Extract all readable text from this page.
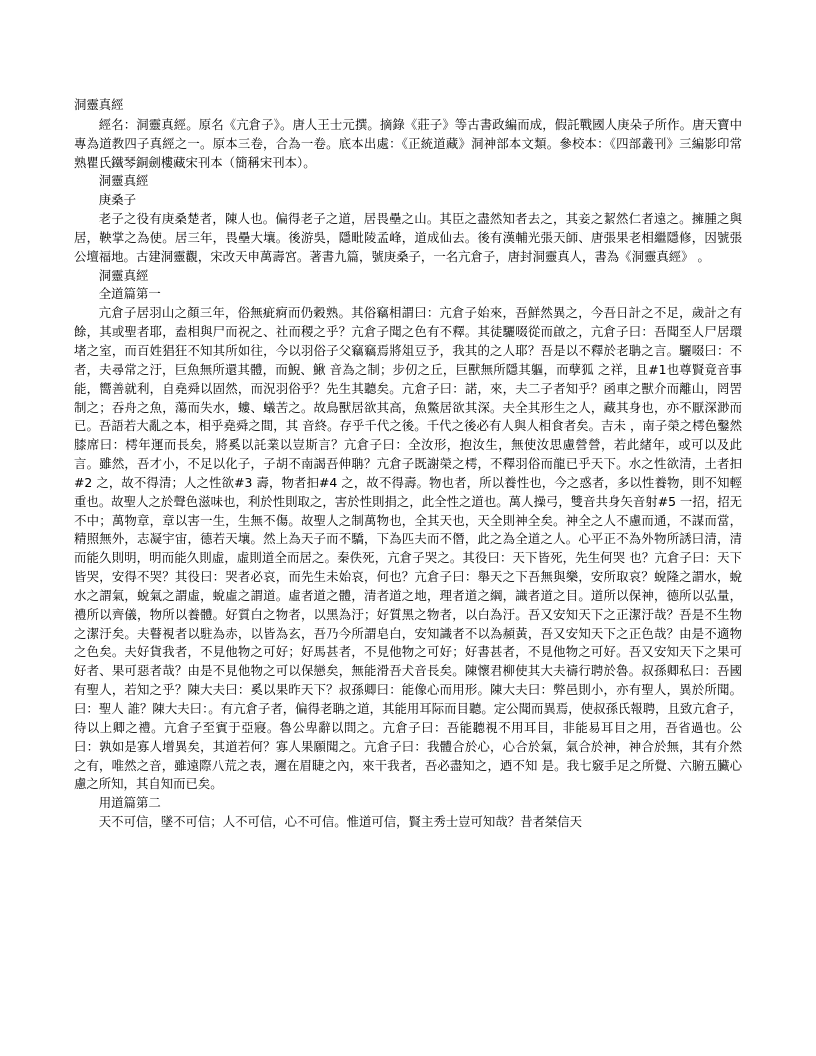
洞靈真經

經名：洞靈真經。原名《亢倉子》。唐人王士元撰。摘錄《莊子》等古書政編而成，假託戰國人庚朵子所作。唐天寶中專為道教四子真經之一。原本三卷，合為一卷。底本出處：《正統道藏》洞神部本文類。參校本：《四部叢刊》三編影印常熟瞿氏鐵琴銅劍樓藏宋刊本（簡稱宋刊本）。

洞靈真經

庚桑子

老子之役有庚桑楚者，陳人也。偏得老子之道，居畏壘之山。其臣之盡然知者去之，其妾之絜然仁者遠之。擁腫之與居，鞅掌之為使。居三年，畏壘大壤。後游吳，隱毗陵孟峰，道成仙去。後有漢輔光張天師、唐張果老相繼隱修，因號張公壇福地。古建洞靈觀，宋改天申萬壽宮。著書九篇，號庚桑子，一名亢倉子，唐封洞靈真人，書為《洞靈真經》 。

洞靈真經

全道篇第一

亢倉子居羽山之顏三年，俗無疵痾而仍穀熟。其俗竊相謂曰：亢倉子始來，吾鮮然異之，今吾日計之不足，歲計之有餘，其或聖者耶，盍相與尸而祝之、社而稷之乎？亢倉子聞之色有不釋。其徒驪啜從而啟之，亢倉子曰：吾聞至人尸居環堵之室，而百姓猖狂不知其所如往，今以羽俗子父竊竊焉將俎豆予，我其的之人耶？吾是以不釋於老聃之言。驪啜曰：不者，夫尋常之汙，巨魚無所還其體，而鯢、鰍 音為之制；步仞之丘，巨獸無所隱其軀，而孽狐 之祥，且#1也尊賢竟音事能，嚮善就利，自堯舜以固然，而況羽俗乎？先生其聽矣。亢倉子曰：諾，來，夫二子者知乎？函車之獸介而離山，罔罟制之；吞舟之魚，蕩而失水，螻、蟻苦之。故鳥獸居欲其高，魚鱉居欲其深。夫全其形生之人，藏其身也，亦不厭深渺而已。吾語若大亂之本，相乎堯舜之間，其 音終。存乎千代之後。千代之後必有人與人相食者矣。吉未 ，南子榮之樗色鑿然膝席曰：樗年運而長矣，將奚以託業以豈斯言？亢倉子曰：全汝形，抱汝生，無使汝思慮營營，若此緒年，或可以及此言。雖然，吾才小，不足以化子，子胡不南謁吾伸聃？亢倉子既謝榮之樗，不釋羽俗而龍已乎天下。水之性欲清，土者抇#2 之，故不得清；人之性欲#3 壽，物者抇#4 之，故不得壽。物也者，所以養性也，今之惑者，多以性養物，則不知輕重也。故聖人之於聲色滋味也，利於性則取之，害於性則捐之，此全性之道也。萬人操弓，雙音共身矢音射#5 一招，招无不中；萬物章，章以害一生，生無不傷。故聖人之制萬物也，全其天也，天全則神全矣。神全之人不慮而通，不謀而當，精照無外，志凝宇宙，德若天壤。然上為天子而不驕，下為匹夫而不僭，此之為全道之人。心平正不為外物所誘曰清，清而能久則明，明而能久則虛，虛則道全而居之。秦佚死，亢倉子哭之。其役曰：天下皆死，先生何哭 也？亢倉子曰：天下皆哭，安得不哭？其役曰：哭者必哀，而先生未始哀，何也？亢倉子曰：舉天之下吾無與樂，安所取哀？蛻隆之謂水，蛻水之謂氣，蛻氣之謂虛，蛻虛之謂道。虛者道之體，清者道之地，理者道之綱，識者道之目。道所以保神，德所以弘量，禮所以齊儀，物所以養體。好質白之物者，以黑為汙；好質黑之物者，以白為汙。吾又安知天下之正潔汙哉？吾是不生物之潔汙矣。夫瞽視者以駐為赤，以皆為玄，吾乃今所謂皂白，安知識者不以為頳黃，吾又安知天下之正色哉？由是不適物之色矣。夫好貨我者，不見他物之可好；好馬甚者，不見他物之可好；好書甚者，不見他物之可好。吾又安知天下之果可好者、果可惡者哉？由是不見他物之可以保戀矣，無能滑吾犬音長矣。陳懷君柳使其大夫禱行聘於魯。叔孫卿私曰：吾國有聖人，若知之乎？陳大夫曰：奚以果昨天下？叔孫卿曰：能像心而用形。陳大夫曰：弊邑則小，亦有聖人，異於所聞。曰：聖人 誰？陳大夫曰：。有亢倉子者，偏得老聃之道，其能用耳际而目聽。定公聞而異焉，使叔孫氏報聘，且致亢倉子，待以上卿之禮。亢倉子至賓于亞寢。魯公卑辭以問之。亢倉子曰：吾能聽視不用耳目，非能易耳目之用，吾省過也。公曰：孰如是寡人增異矣，其道若何？寡人果願聞之。亢倉子曰：我體合於心，心合於氣，氣合於神，神合於無，其有介然之有，唯然之音，雖遠際八荒之表，邇在眉睫之內，來干我者，吾必盡知之，迺不知 是。我七竅手足之所覺、六腑五臟心慮之所知，其自知而已矣。

用道篇第二

天不可信，墜不可信；人不可信，心不可信。惟道可信，賢主秀士豈可知哉？昔者桀信天
